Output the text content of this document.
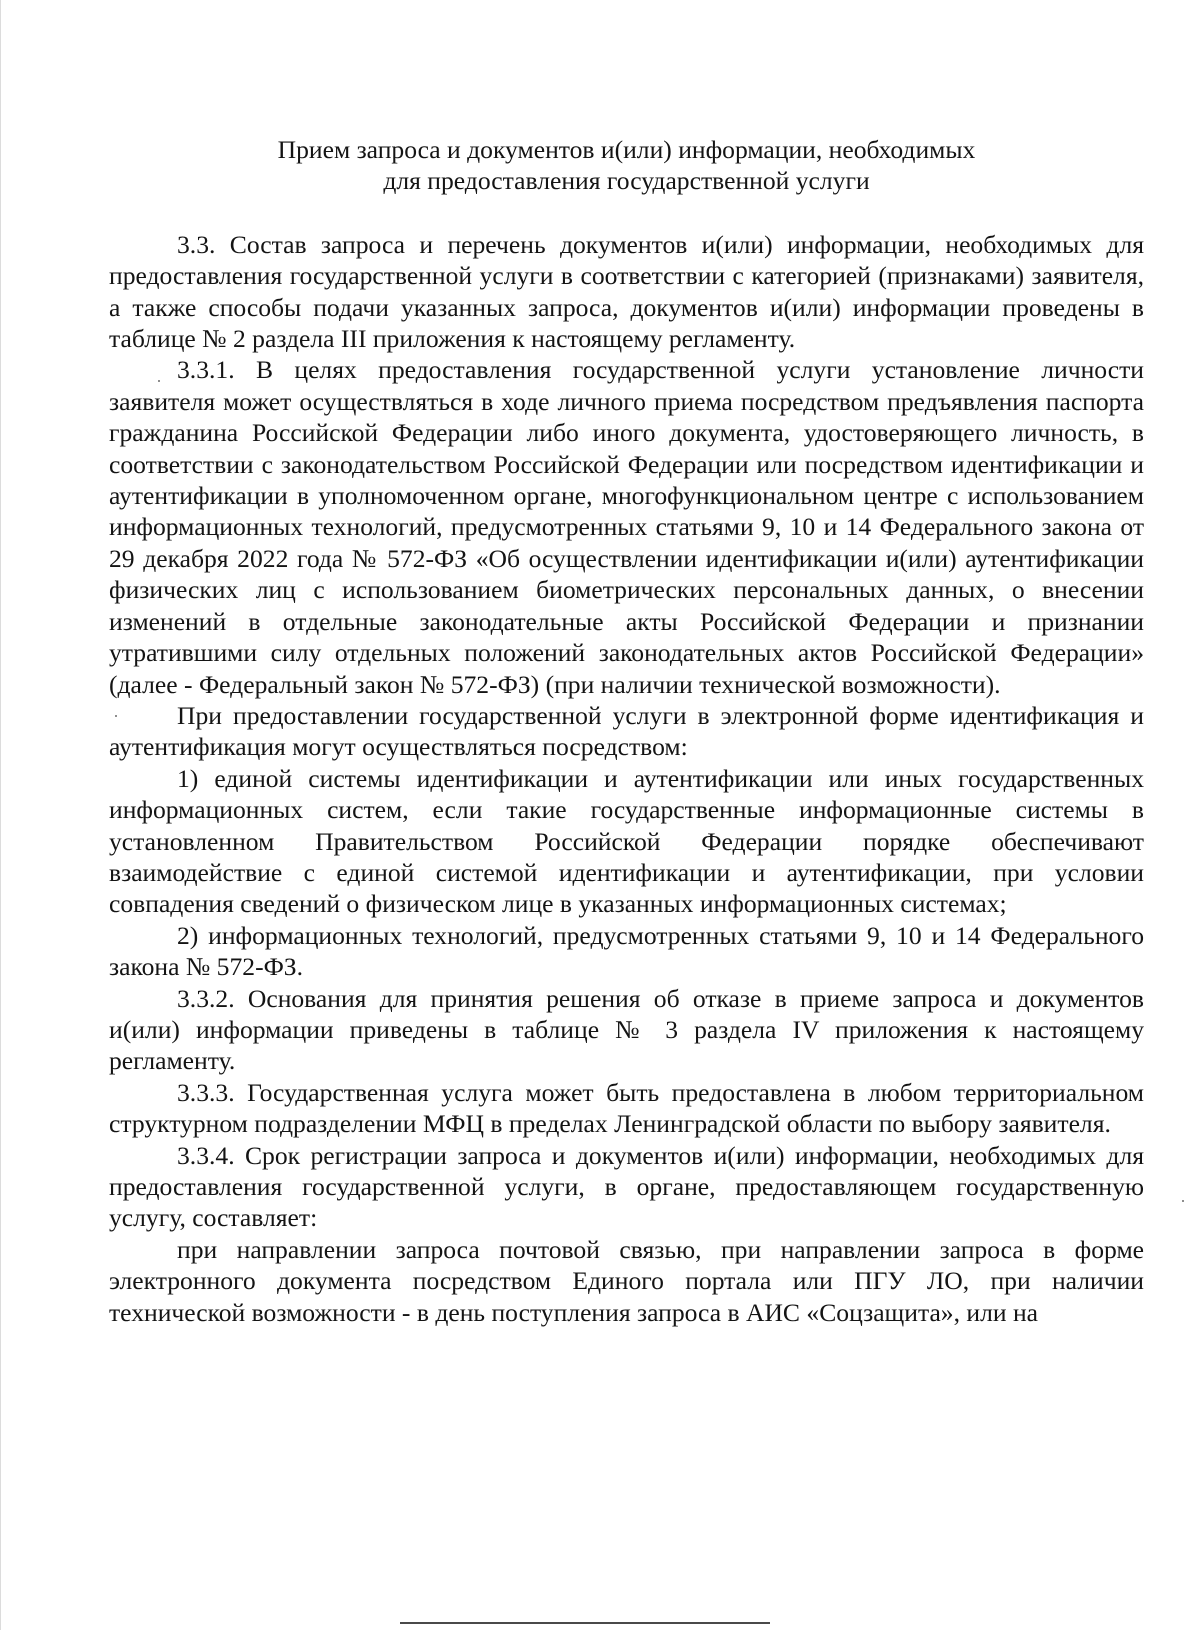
Прием запроса и документов и(или) информации, необходимых
для предоставления государственной услуги

3.3. Состав запроса и перечень документов и(или) информации, необходимых для предоставления государственной услуги в соответствии с категорией (признаками) заявителя, а также способы подачи указанных запроса, документов и(или) информации проведены в таблице № 2 раздела III приложения к настоящему регламенту.

3.3.1. В целях предоставления государственной услуги установление личности заявителя может осуществляться в ходе личного приема посредством предъявления паспорта гражданина Российской Федерации либо иного документа, удостоверяющего личность, в соответствии с законодательством Российской Федерации или посредством идентификации и аутентификации в уполномоченном органе, многофункциональном центре с использованием информационных технологий, предусмотренных статьями 9, 10 и 14 Федерального закона от 29 декабря 2022 года № 572-ФЗ «Об осуществлении идентификации и(или) аутентификации физических лиц с использованием биометрических персональных данных, о внесении изменений в отдельные законодательные акты Российской Федерации и признании утратившими силу отдельных положений законодательных актов Российской Федерации» (далее - Федеральный закон № 572-ФЗ) (при наличии технической возможности).

При предоставлении государственной услуги в электронной форме идентификация и аутентификация могут осуществляться посредством:

1) единой системы идентификации и аутентификации или иных государственных информационных систем, если такие государственные информационные системы в установленном Правительством Российской Федерации порядке обеспечивают взаимодействие с единой системой идентификации и аутентификации, при условии совпадения сведений о физическом лице в указанных информационных системах;

2) информационных технологий, предусмотренных статьями 9, 10 и 14 Федерального закона № 572-ФЗ.

3.3.2. Основания для принятия решения об отказе в приеме запроса и документов и(или) информации приведены в таблице № 3 раздела IV приложения к настоящему регламенту.

3.3.3. Государственная услуга может быть предоставлена в любом территориальном структурном подразделении МФЦ в пределах Ленинградской области по выбору заявителя.

3.3.4. Срок регистрации запроса и документов и(или) информации, необходимых для предоставления государственной услуги, в органе, предоставляющем государственную услугу, составляет:

при направлении запроса почтовой связью, при направлении запроса в форме электронного документа посредством Единого портала или ПГУ ЛО, при наличии технической возможности - в день поступления запроса в АИС «Соцзащита», или на
